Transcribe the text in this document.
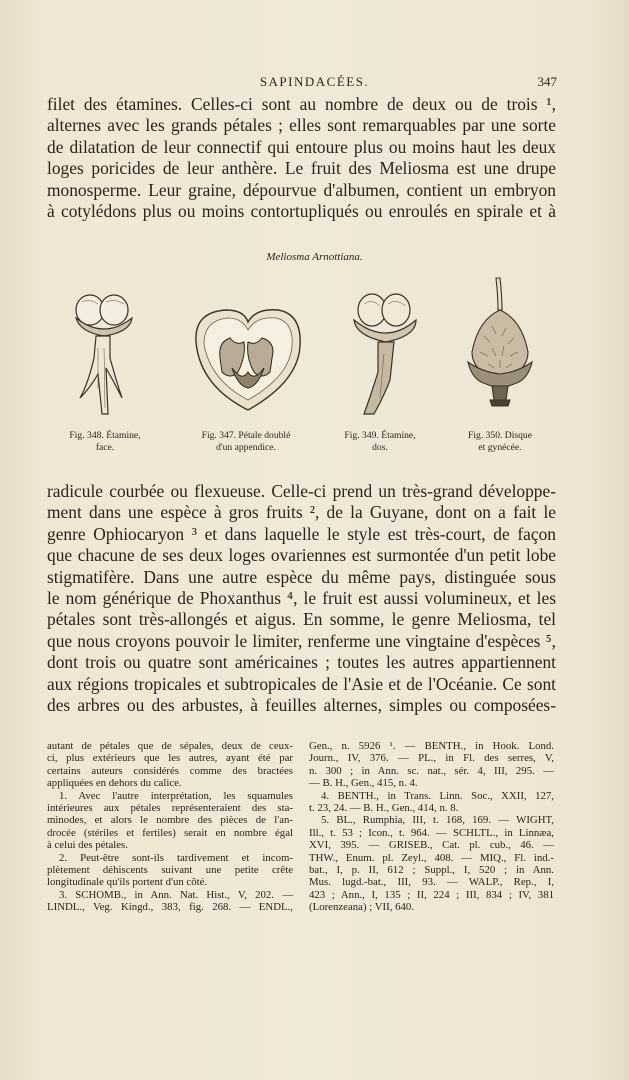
SAPINDACÉES.	347
filet des étamines. Celles-ci sont au nombre de deux ou de trois ¹,
alternes avec les grands pétales ; elles sont remarquables par une sorte
de dilatation de leur connectif qui entoure plus ou moins haut les deux
loges poricides de leur anthère. Le fruit des Meliosma est une drupe
monosperme. Leur graine, dépourvue d'albumen, contient un embryon
à cotylédons plus ou moins contortupliqués ou enroulés en spirale et à
Meliosma Arnottiana.
Fig. 348. Étamine,
face.
Fig. 347. Pétale doublé
d'un appendice.
Fig. 349. Étamine,
dos.
Fig. 350. Disque
et gynécée.
radicule courbée ou flexueuse. Celle-ci prend un très-grand développe-
ment dans une espèce à gros fruits ², de la Guyane, dont on a fait le
genre Ophiocaryon ³ et dans laquelle le style est très-court, de façon
que chacune de ses deux loges ovariennes est surmontée d'un petit lobe
stigmatifère. Dans une autre espèce du même pays, distinguée sous
le nom générique de Phoxanthus ⁴, le fruit est aussi volumineux, et les
pétales sont très-allongés et aigus. En somme, le genre Meliosma, tel
que nous croyons pouvoir le limiter, renferme une vingtaine d'espèces ⁵,
dont trois ou quatre sont américaines ; toutes les autres appartiennent
aux régions tropicales et subtropicales de l'Asie et de l'Océanie. Ce sont
des arbres ou des arbustes, à feuilles alternes, simples ou composées-
autant de pétales que de sépales, deux de ceux-
ci, plus extérieurs que les autres, ayant été par
certains auteurs considérés comme des bractées
appliquées en dehors du calice.
1. Avec l'autre interprétation, les squamules
intérieures aux pétales représenteraient des sta-
minodes, et alors le nombre des pièces de l'an-
drocée (stériles et fertiles) serait en nombre égal
à celui des pétales.
2. Peut-être sont-ils tardivement et incom-
plètement déhiscents suivant une petite crête
longitudinale qu'ils portent d'un côté.
3. SCHOMB., in Ann. Nat. Hist., V, 202. —
LINDL., Veg. Kingd., 383, fig. 268. — ENDL.,
Gen., n. 5926 ¹. — BENTH., in Hook. Lond.
Journ., IV, 376. — PL., in Fl. des serres, V,
n. 300 ; in Ann. sc. nat., sér. 4, III, 295. —
— B. H., Gen., 415, n. 4.
4. BENTH., in Trans. Linn. Soc., XXII, 127,
t. 23, 24. — B. H., Gen., 414, n. 8.
5. BL., Rumphia, III, t. 168, 169. — WIGHT,
Ill., t. 53 ; Icon., t. 964. — SCHLTL., in Linnæa,
XVI, 395. — GRISEB., Cat. pl. cub., 46. —
THW., Enum. pl. Zeyl., 408. — MIQ., Fl. ind.-
bat., I, p. II, 612 ; Suppl., I, 520 ; in Ann.
Mus. lugd.-bat., III, 93. — WALP., Rep., I,
423 ; Ann., I, 135 ; II, 224 ; III, 834 ; IV, 381
(Lorenzeana) ; VII, 640.
